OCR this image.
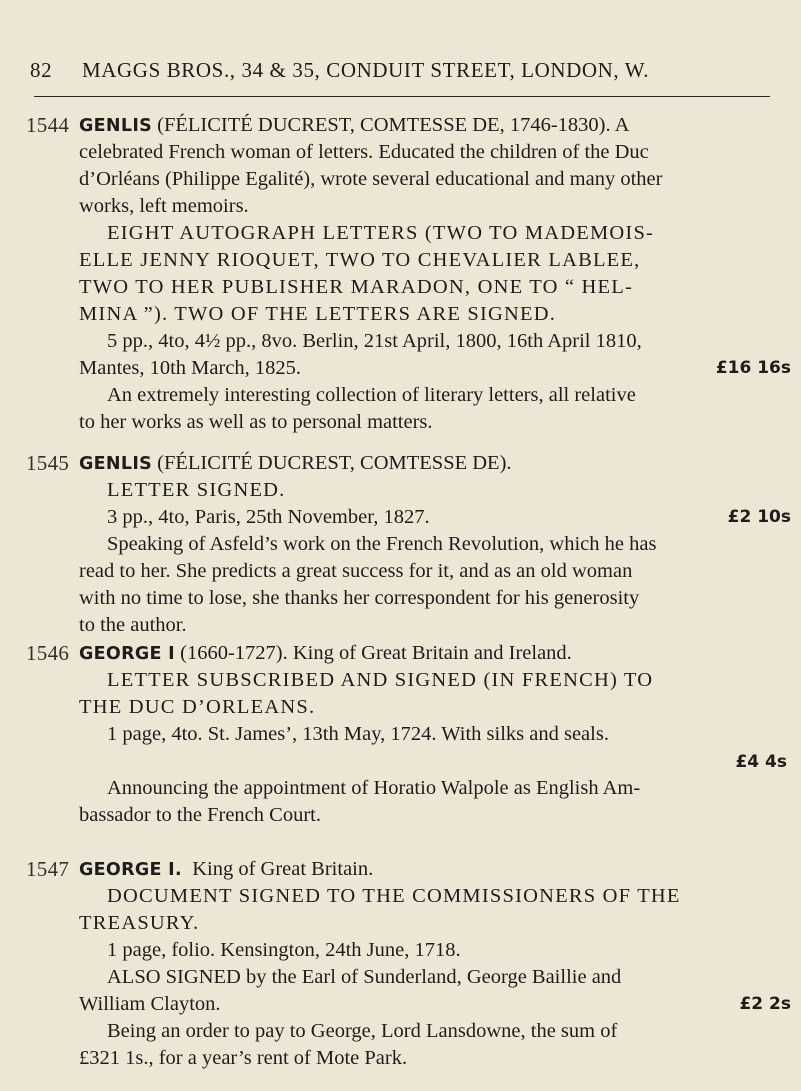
82 MAGGS BROS., 34 & 35, CONDUIT STREET, LONDON, W.
1544 GENLIS (FÉLICITÉ DUCREST, COMTESSE DE, 1746-1830). A
celebrated French woman of letters. Educated the children of the Duc
d’Orléans (Philippe Egalité), wrote several educational and many other
works, left memoirs.
EIGHT AUTOGRAPH LETTERS (TWO TO MADEMOIS-
ELLE JENNY RIOQUET, TWO TO CHEVALIER LABLEE,
TWO TO HER PUBLISHER MARADON, ONE TO “ HEL-
MINA ”). TWO OF THE LETTERS ARE SIGNED.
5 pp., 4to, 4½ pp., 8vo. Berlin, 21st April, 1800, 16th April 1810,
Mantes, 10th March, 1825.	£16 16s
An extremely interesting collection of literary letters, all relative
to her works as well as to personal matters.
1545 GENLIS (FÉLICITÉ DUCREST, COMTESSE DE).
LETTER SIGNED.
3 pp., 4to, Paris, 25th November, 1827.	£2 10s
Speaking of Asfeld’s work on the French Revolution, which he has
read to her. She predicts a great success for it, and as an old woman
with no time to lose, she thanks her correspondent for his generosity
to the author.
1546 GEORGE I (1660-1727). King of Great Britain and Ireland.
LETTER SUBSCRIBED AND SIGNED (IN FRENCH) TO
THE DUC D’ORLEANS.
1 page, 4to. St. James’, 13th May, 1724. With silks and seals.
£4 4s
Announcing the appointment of Horatio Walpole as English Am-
bassador to the French Court.
1547 GEORGE I. King of Great Britain.
DOCUMENT SIGNED TO THE COMMISSIONERS OF THE
TREASURY.
1 page, folio. Kensington, 24th June, 1718.
ALSO SIGNED by the Earl of Sunderland, George Baillie and
William Clayton.	£2 2s
Being an order to pay to George, Lord Lansdowne, the sum of
£321 1s., for a year’s rent of Mote Park.
